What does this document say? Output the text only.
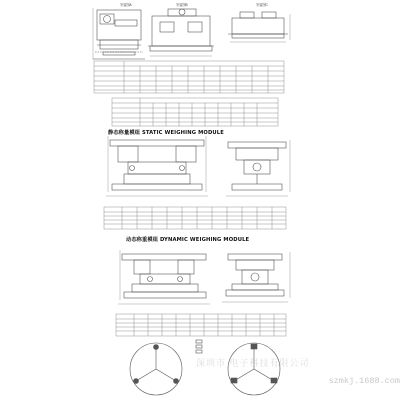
安装图B	安装图C
安装图A
静态称量模组 STATIC WEIGHING MODULE
动态称重模组 DYNAMIC WEIGHING MODULE
深圳市 电子科技有限公司
szmkj.1688.com
